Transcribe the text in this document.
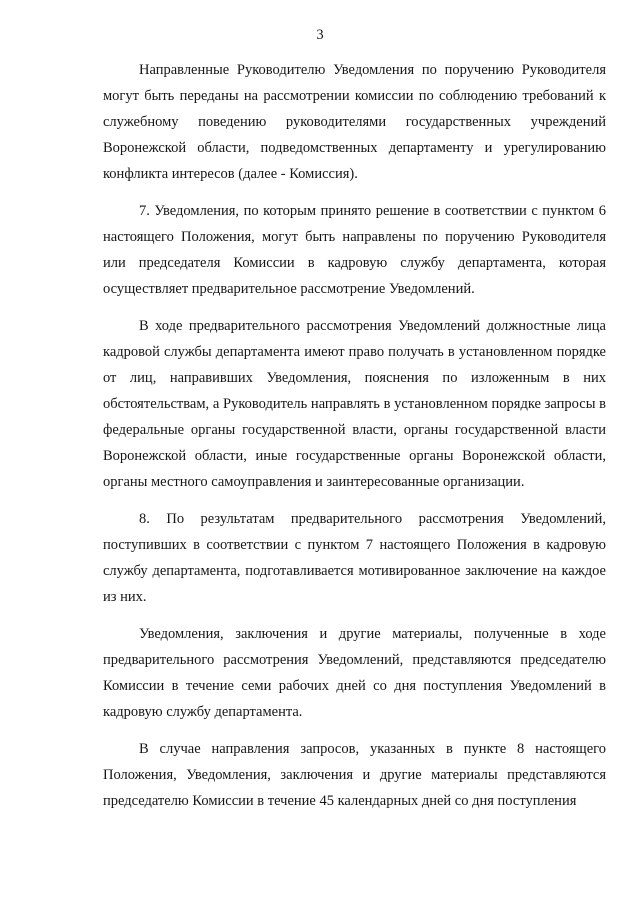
3

Направленные Руководителю Уведомления по поручению Руководителя могут быть переданы на рассмотрении комиссии по соблюдению требований к служебному поведению руководителями государственных учреждений Воронежской области, подведомственных департаменту и урегулированию конфликта интересов (далее - Комиссия).

7. Уведомления, по которым принято решение в соответствии с пунктом 6 настоящего Положения, могут быть направлены по поручению Руководителя или председателя Комиссии в кадровую службу департамента, которая осуществляет предварительное рассмотрение Уведомлений.

В ходе предварительного рассмотрения Уведомлений должностные лица кадровой службы департамента имеют право получать в установленном порядке от лиц, направивших Уведомления, пояснения по изложенным в них обстоятельствам, а Руководитель направлять в установленном порядке запросы в федеральные органы государственной власти, органы государственной власти Воронежской области, иные государственные органы Воронежской области, органы местного самоуправления и заинтересованные организации.

8. По результатам предварительного рассмотрения Уведомлений, поступивших в соответствии с пунктом 7 настоящего Положения в кадровую службу департамента, подготавливается мотивированное заключение на каждое из них.

Уведомления, заключения и другие материалы, полученные в ходе предварительного рассмотрения Уведомлений, представляются председателю Комиссии в течение семи рабочих дней со дня поступления Уведомлений в кадровую службу департамента.

В случае направления запросов, указанных в пункте 8 настоящего Положения, Уведомления, заключения и другие материалы представляются председателю Комиссии в течение 45 календарных дней со дня поступления
